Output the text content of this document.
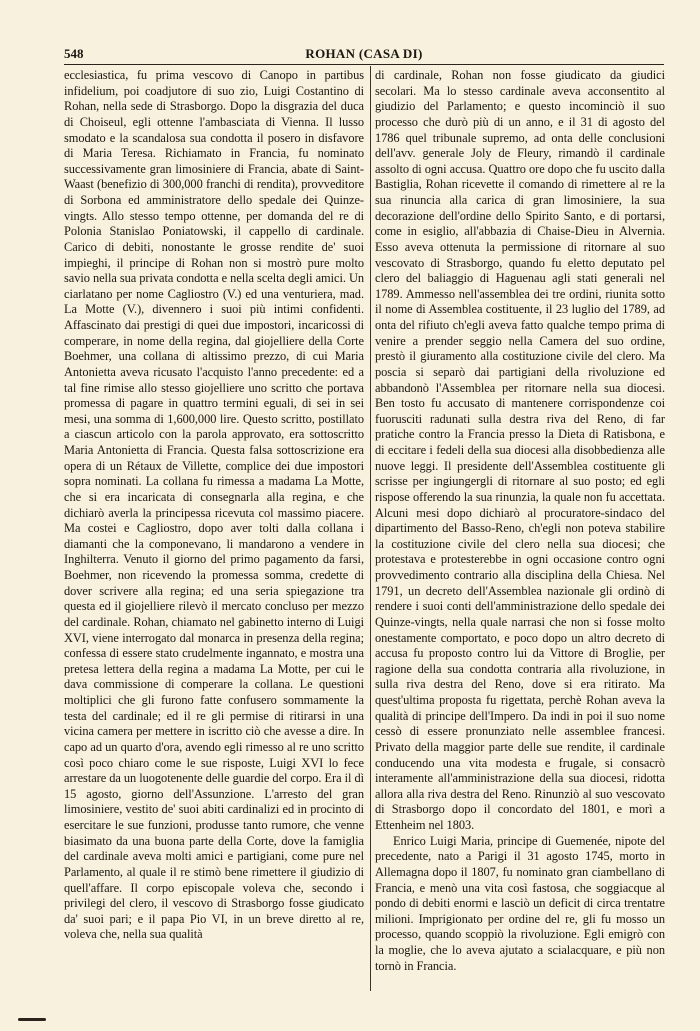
548	ROHAN (CASA DI)

ecclesiastica, fu prima vescovo di Canopo in partibus infidelium, poi coadjutore di suo zio, Luigi Costantino di Rohan, nella sede di Strasborgo. Dopo la disgrazia del duca di Choiseul, egli ottenne l'ambasciata di Vienna. Il lusso smodato e la scandalosa sua condotta il posero in disfavore di Maria Teresa. Richiamato in Francia, fu nominato successivamente gran limosiniere di Francia, abate di Saint-Waast (benefizio di 300,000 franchi di rendita), provveditore di Sorbona ed amministratore dello spedale dei Quinze-vingts. Allo stesso tempo ottenne, per domanda del re di Polonia Stanislao Poniatowski, il cappello di cardinale. Carico di debiti, nonostante le grosse rendite de' suoi impieghi, il principe di Rohan non si mostrò pure molto savio nella sua privata condotta e nella scelta degli amici. Un ciarlatano per nome Cagliostro (V.) ed una venturiera, mad. La Motte (V.), divennero i suoi più intimi confidenti. Affascinato dai prestigi di quei due impostori, incaricossi di comperare, in nome della regina, dal giojelliere della Corte Boehmer, una collana di altissimo prezzo, di cui Maria Antonietta aveva ricusato l'acquisto l'anno precedente: ed a tal fine rimise allo stesso giojelliere uno scritto che portava promessa di pagare in quattro termini eguali, di sei in sei mesi, una somma di 1,600,000 lire. Questo scritto, postillato a ciascun articolo con la parola approvato, era sottoscritto Maria Antonietta di Francia. Questa falsa sottoscrizione era opera di un Rétaux de Villette, complice dei due impostori sopra nominati. La collana fu rimessa a madama La Motte, che si era incaricata di consegnarla alla regina, e che dichiarò averla la principessa ricevuta col massimo piacere. Ma costei e Cagliostro, dopo aver tolti dalla collana i diamanti che la componevano, li mandarono a vendere in Inghilterra. Venuto il giorno del primo pagamento da farsi, Boehmer, non ricevendo la promessa somma, credette di dover scrivere alla regina; ed una seria spiegazione tra questa ed il giojelliere rilevò il mercato concluso per mezzo del cardinale. Rohan, chiamato nel gabinetto interno di Luigi XVI, viene interrogato dal monarca in presenza della regina; confessa di essere stato crudelmente ingannato, e mostra una pretesa lettera della regina a madama La Motte, per cui le dava commissione di comperare la collana. Le questioni moltiplici che gli furono fatte confusero sommamente la testa del cardinale; ed il re gli permise di ritirarsi in una vicina camera per mettere in iscritto ciò che avesse a dire. In capo ad un quarto d'ora, avendo egli rimesso al re uno scritto così poco chiaro come le sue risposte, Luigi XVI lo fece arrestare da un luogotenente delle guardie del corpo. Era il dì 15 agosto, giorno dell'Assunzione. L'arresto del gran limosiniere, vestito de' suoi abiti cardinalizi ed in procinto di esercitare le sue funzioni, produsse tanto rumore, che venne biasimato da una buona parte della Corte, dove la famiglia del cardinale aveva molti amici e partigiani, come pure nel Parlamento, al quale il re stimò bene rimettere il giudizio di quell'affare. Il corpo episcopale voleva che, secondo i privilegi del clero, il vescovo di Strasborgo fosse giudicato da' suoi pari; e il papa Pio VI, in un breve diretto al re, voleva che, nella sua qualità

di cardinale, Rohan non fosse giudicato da giudici secolari. Ma lo stesso cardinale aveva acconsentito al giudizio del Parlamento; e questo incominciò il suo processo che durò più di un anno, e il 31 di agosto del 1786 quel tribunale supremo, ad onta delle conclusioni dell'avv. generale Joly de Fleury, rimandò il cardinale assolto di ogni accusa. Quattro ore dopo che fu uscito dalla Bastiglia, Rohan ricevette il comando di rimettere al re la sua rinuncia alla carica di gran limosiniere, la sua decorazione dell'ordine dello Spirito Santo, e di portarsi, come in esiglio, all'abbazia di Chaise-Dieu in Alvernia. Esso aveva ottenuta la permissione di ritornare al suo vescovato di Strasborgo, quando fu eletto deputato pel clero del baliaggio di Haguenau agli stati generali nel 1789. Ammesso nell'assemblea dei tre ordini, riunita sotto il nome di Assemblea costituente, il 23 luglio del 1789, ad onta del rifiuto ch'egli aveva fatto qualche tempo prima di venire a prender seggio nella Camera del suo ordine, prestò il giuramento alla costituzione civile del clero. Ma poscia si separò dai partigiani della rivoluzione ed abbandonò l'Assemblea per ritornare nella sua diocesi. Ben tosto fu accusato di mantenere corrispondenze coi fuorusciti radunati sulla destra riva del Reno, di far pratiche contro la Francia presso la Dieta di Ratisbona, e di eccitare i fedeli della sua diocesi alla disobbedienza alle nuove leggi. Il presidente dell'Assemblea costituente gli scrisse per ingiungergli di ritornare al suo posto; ed egli rispose offerendo la sua rinunzia, la quale non fu accettata. Alcuni mesi dopo dichiarò al procuratore-sindaco del dipartimento del Basso-Reno, ch'egli non poteva stabilire la costituzione civile del clero nella sua diocesi; che protestava e protesterebbe in ogni occasione contro ogni provvedimento contrario alla disciplina della Chiesa. Nel 1791, un decreto dell'Assemblea nazionale gli ordinò di rendere i suoi conti dell'amministrazione dello spedale dei Quinze-vingts, nella quale narrasi che non si fosse molto onestamente comportato, e poco dopo un altro decreto di accusa fu proposto contro lui da Vittore di Broglie, per ragione della sua condotta contraria alla rivoluzione, in sulla riva destra del Reno, dove si era ritirato. Ma quest'ultima proposta fu rigettata, perchè Rohan aveva la qualità di principe dell'Impero. Da indi in poi il suo nome cessò di essere pronunziato nelle assemblee francesi. Privato della maggior parte delle sue rendite, il cardinale conducendo una vita modesta e frugale, si consacrò interamente all'amministrazione della sua diocesi, ridotta allora alla riva destra del Reno. Rinunziò al suo vescovato di Strasborgo dopo il concordato del 1801, e morì a Ettenheim nel 1803.

Enrico Luigi Maria, principe di Guemenée, nipote del precedente, nato a Parigi il 31 agosto 1745, morto in Allemagna dopo il 1807, fu nominato gran ciambellano di Francia, e menò una vita così fastosa, che soggiacque al pondo di debiti enormi e lasciò un deficit di circa trentatre milioni. Imprigionato per ordine del re, gli fu mosso un processo, quando scoppiò la rivoluzione. Egli emigrò con la moglie, che lo aveva ajutato a scialacquare, e più non tornò in Francia.
